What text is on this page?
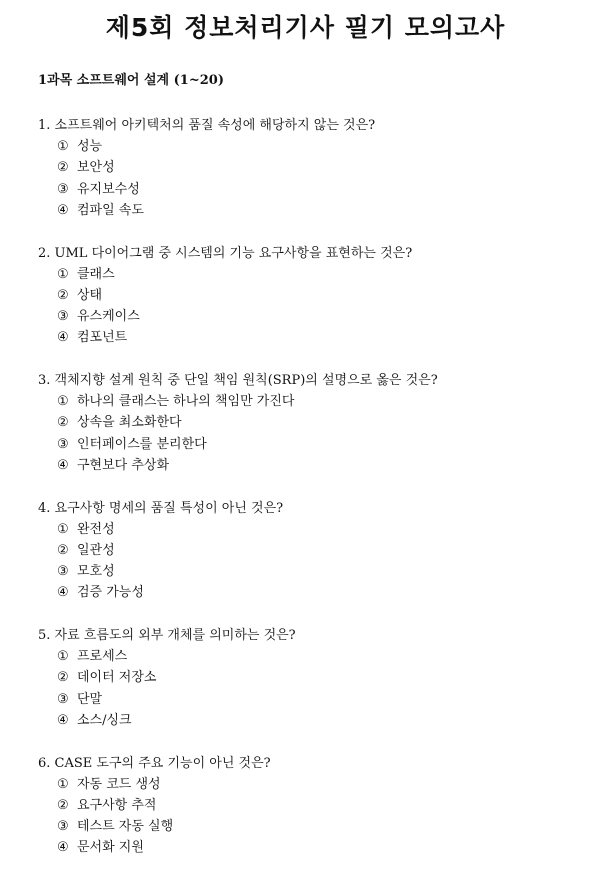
제5회 정보처리기사 필기 모의고사
1과목 소프트웨어 설계 (1~20)
1. 소프트웨어 아키텍처의 품질 속성에 해당하지 않는 것은?
① 성능
② 보안성
③ 유지보수성
④ 컴파일 속도
2. UML 다이어그램 중 시스템의 기능 요구사항을 표현하는 것은?
① 클래스
② 상태
③ 유스케이스
④ 컴포넌트
3. 객체지향 설계 원칙 중 단일 책임 원칙(SRP)의 설명으로 옳은 것은?
① 하나의 클래스는 하나의 책임만 가진다
② 상속을 최소화한다
③ 인터페이스를 분리한다
④ 구현보다 추상화
4. 요구사항 명세의 품질 특성이 아닌 것은?
① 완전성
② 일관성
③ 모호성
④ 검증 가능성
5. 자료 흐름도의 외부 개체를 의미하는 것은?
① 프로세스
② 데이터 저장소
③ 단말
④ 소스/싱크
6. CASE 도구의 주요 기능이 아닌 것은?
① 자동 코드 생성
② 요구사항 추적
③ 테스트 자동 실행
④ 문서화 지원
